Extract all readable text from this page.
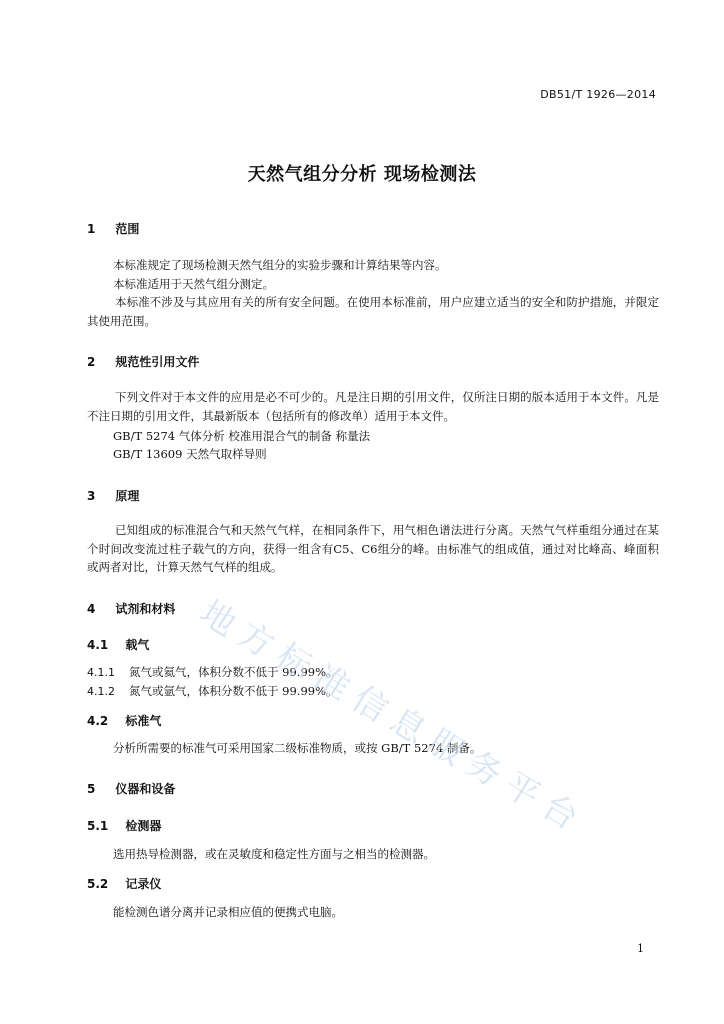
DB51/T 1926—2014
天然气组分分析 现场检测法
1 范围
本标准规定了现场检测天然气组分的实验步骤和计算结果等内容。
本标准适用于天然气组分测定。
本标准不涉及与其应用有关的所有安全问题。在使用本标准前，用户应建立适当的安全和防护措施，并限定其使用范围。
2 规范性引用文件
下列文件对于本文件的应用是必不可少的。凡是注日期的引用文件，仅所注日期的版本适用于本文件。凡是不注日期的引用文件，其最新版本（包括所有的修改单）适用于本文件。
GB/T 5274 气体分析 校准用混合气的制备 称量法
GB/T 13609 天然气取样导则
3 原理
已知组成的标准混合气和天然气气样，在相同条件下，用气相色谱法进行分离。天然气气样重组分通过在某个时间改变流过柱子载气的方向，获得一组含有C5、C6组分的峰。由标准气的组成值，通过对比峰高、峰面积或两者对比，计算天然气气样的组成。
4 试剂和材料
4.1 载气
4.1.1 氮气或氦气，体积分数不低于 99.99%。
4.1.2 氮气或氩气，体积分数不低于 99.99%。
4.2 标准气
分析所需要的标准气可采用国家二级标准物质，或按 GB/T 5274 制备。
5 仪器和设备
5.1 检测器
选用热导检测器，或在灵敏度和稳定性方面与之相当的检测器。
5.2 记录仪
能检测色谱分离并记录相应值的便携式电脑。
1
地
方
标
准
信
息
服
务
平
台
